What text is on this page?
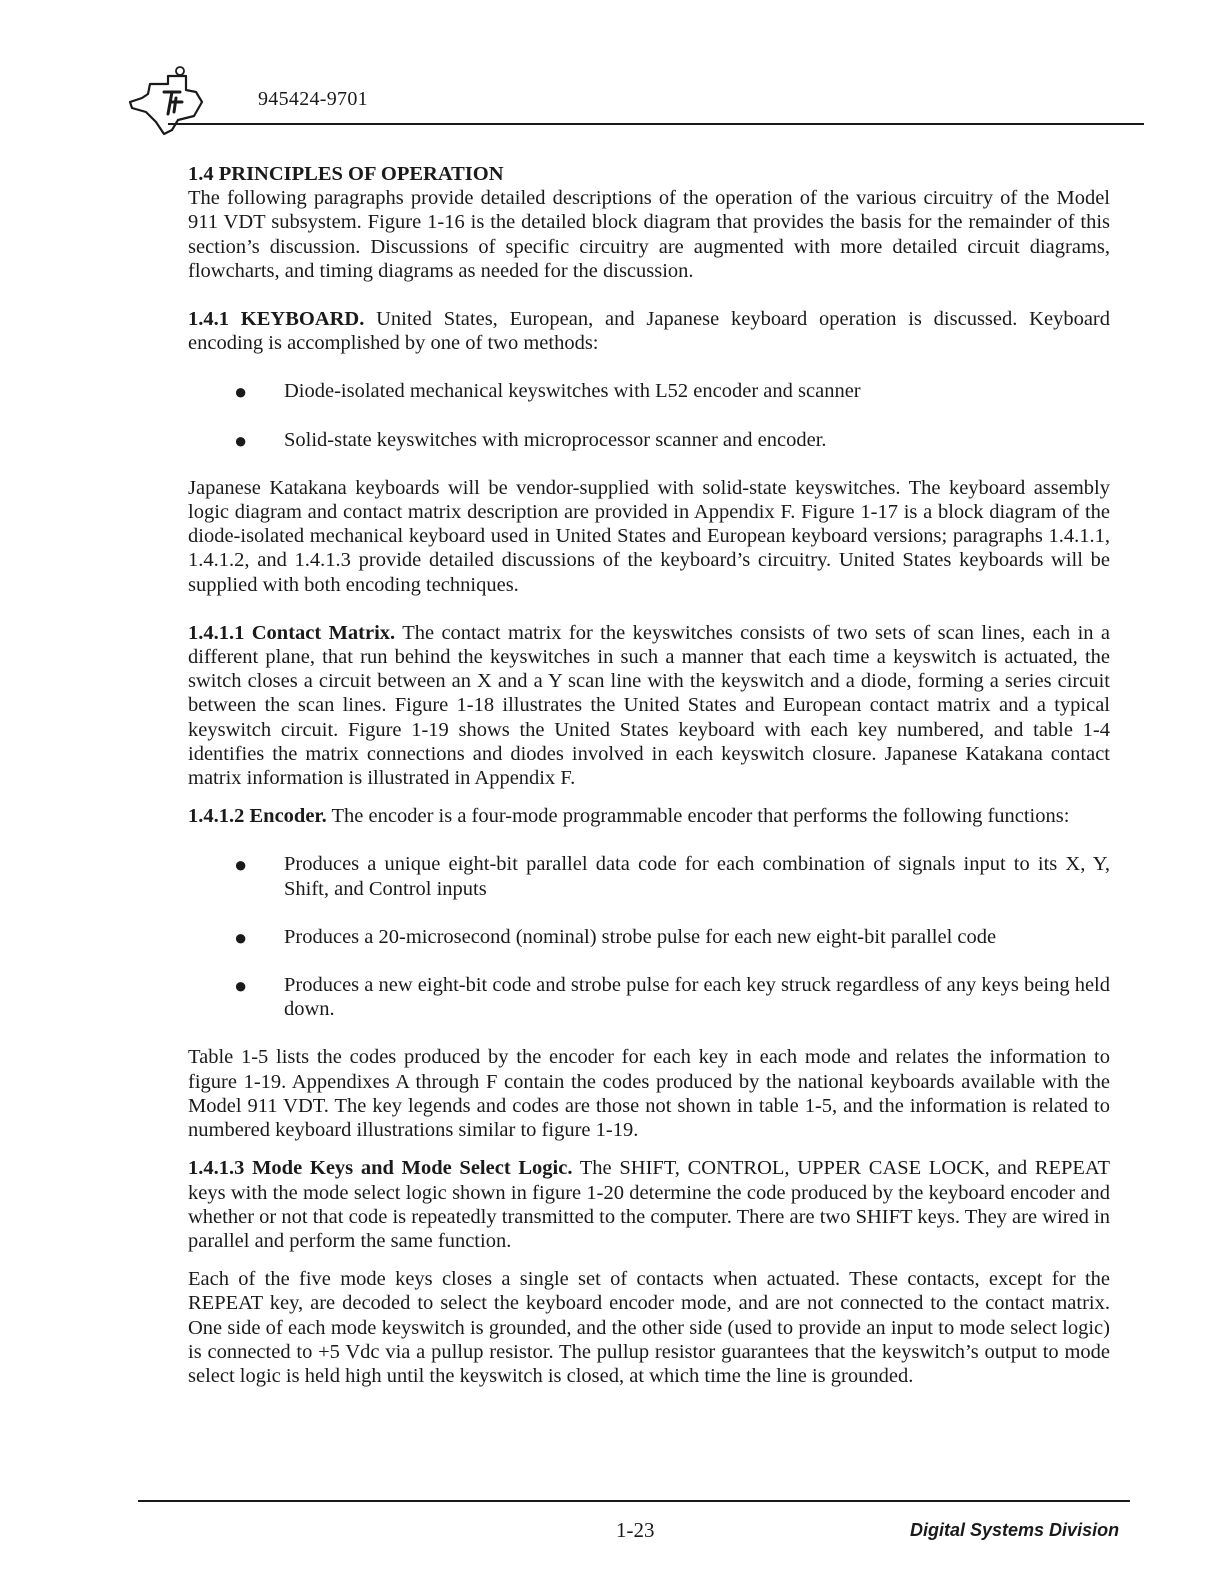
945424-9701

1.4 PRINCIPLES OF OPERATION
The following paragraphs provide detailed descriptions of the operation of the various circuitry of the Model 911 VDT subsystem. Figure 1-16 is the detailed block diagram that provides the basis for the remainder of this section’s discussion. Discussions of specific circuitry are augmented with more detailed circuit diagrams, flowcharts, and timing diagrams as needed for the discussion.

1.4.1 KEYBOARD. United States, European, and Japanese keyboard operation is discussed. Keyboard encoding is accomplished by one of two methods:

● Diode-isolated mechanical keyswitches with L52 encoder and scanner

● Solid-state keyswitches with microprocessor scanner and encoder.

Japanese Katakana keyboards will be vendor-supplied with solid-state keyswitches. The keyboard assembly logic diagram and contact matrix description are provided in Appendix F. Figure 1-17 is a block diagram of the diode-isolated mechanical keyboard used in United States and European keyboard versions; paragraphs 1.4.1.1, 1.4.1.2, and 1.4.1.3 provide detailed discussions of the keyboard’s circuitry. United States keyboards will be supplied with both encoding techniques.

1.4.1.1 Contact Matrix. The contact matrix for the keyswitches consists of two sets of scan lines, each in a different plane, that run behind the keyswitches in such a manner that each time a keyswitch is actuated, the switch closes a circuit between an X and a Y scan line with the keyswitch and a diode, forming a series circuit between the scan lines. Figure 1-18 illustrates the United States and European contact matrix and a typical keyswitch circuit. Figure 1-19 shows the United States keyboard with each key numbered, and table 1-4 identifies the matrix connections and diodes involved in each keyswitch closure. Japanese Katakana contact matrix information is illustrated in Appendix F.

1.4.1.2 Encoder. The encoder is a four-mode programmable encoder that performs the following functions:

● Produces a unique eight-bit parallel data code for each combination of signals input to its X, Y, Shift, and Control inputs

● Produces a 20-microsecond (nominal) strobe pulse for each new eight-bit parallel code

● Produces a new eight-bit code and strobe pulse for each key struck regardless of any keys being held down.

Table 1-5 lists the codes produced by the encoder for each key in each mode and relates the information to figure 1-19. Appendixes A through F contain the codes produced by the national keyboards available with the Model 911 VDT. The key legends and codes are those not shown in table 1-5, and the information is related to numbered keyboard illustrations similar to figure 1-19.

1.4.1.3 Mode Keys and Mode Select Logic. The SHIFT, CONTROL, UPPER CASE LOCK, and REPEAT keys with the mode select logic shown in figure 1-20 determine the code produced by the keyboard encoder and whether or not that code is repeatedly transmitted to the computer. There are two SHIFT keys. They are wired in parallel and perform the same function.

Each of the five mode keys closes a single set of contacts when actuated. These contacts, except for the REPEAT key, are decoded to select the keyboard encoder mode, and are not connected to the contact matrix. One side of each mode keyswitch is grounded, and the other side (used to provide an input to mode select logic) is connected to +5 Vdc via a pullup resistor. The pullup resistor guarantees that the keyswitch’s output to mode select logic is held high until the keyswitch is closed, at which time the line is grounded.

1-23	Digital Systems Division
